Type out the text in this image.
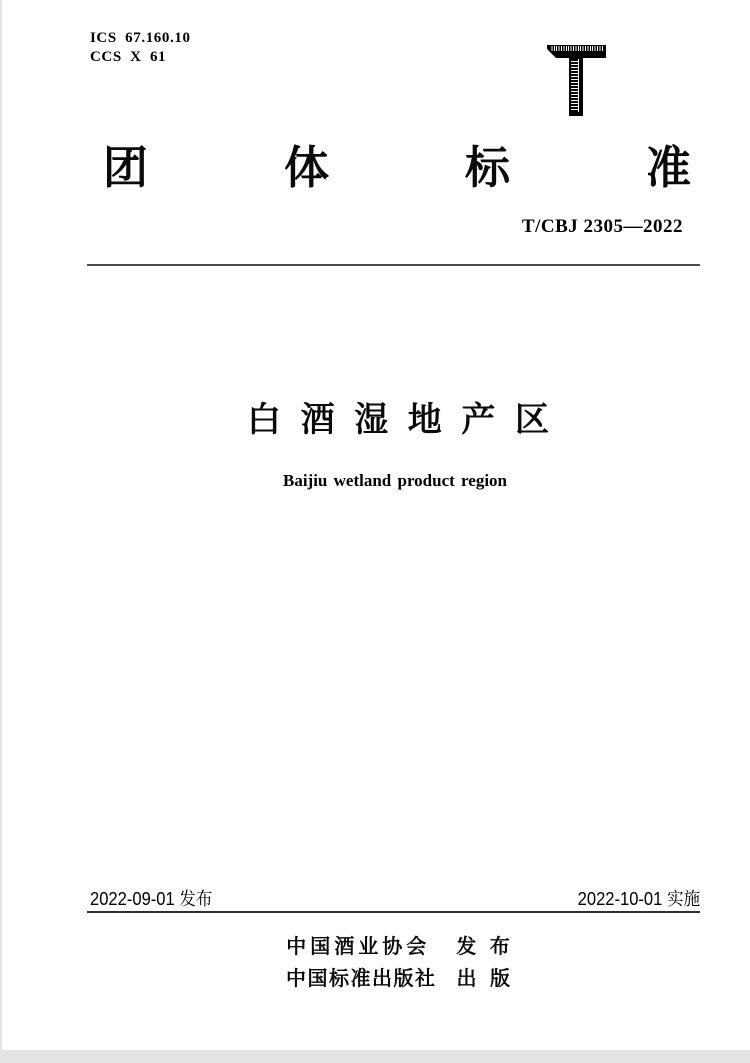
ICS 67.160.10
CCS X 61
团	体	标	准
T/CBJ 2305—2022
白 酒 湿 地 产 区
Baijiu wetland product region
2022-09-01 发布	2022-10-01 实施
中国酒业协会 发 布
中国标准出版社 出 版
